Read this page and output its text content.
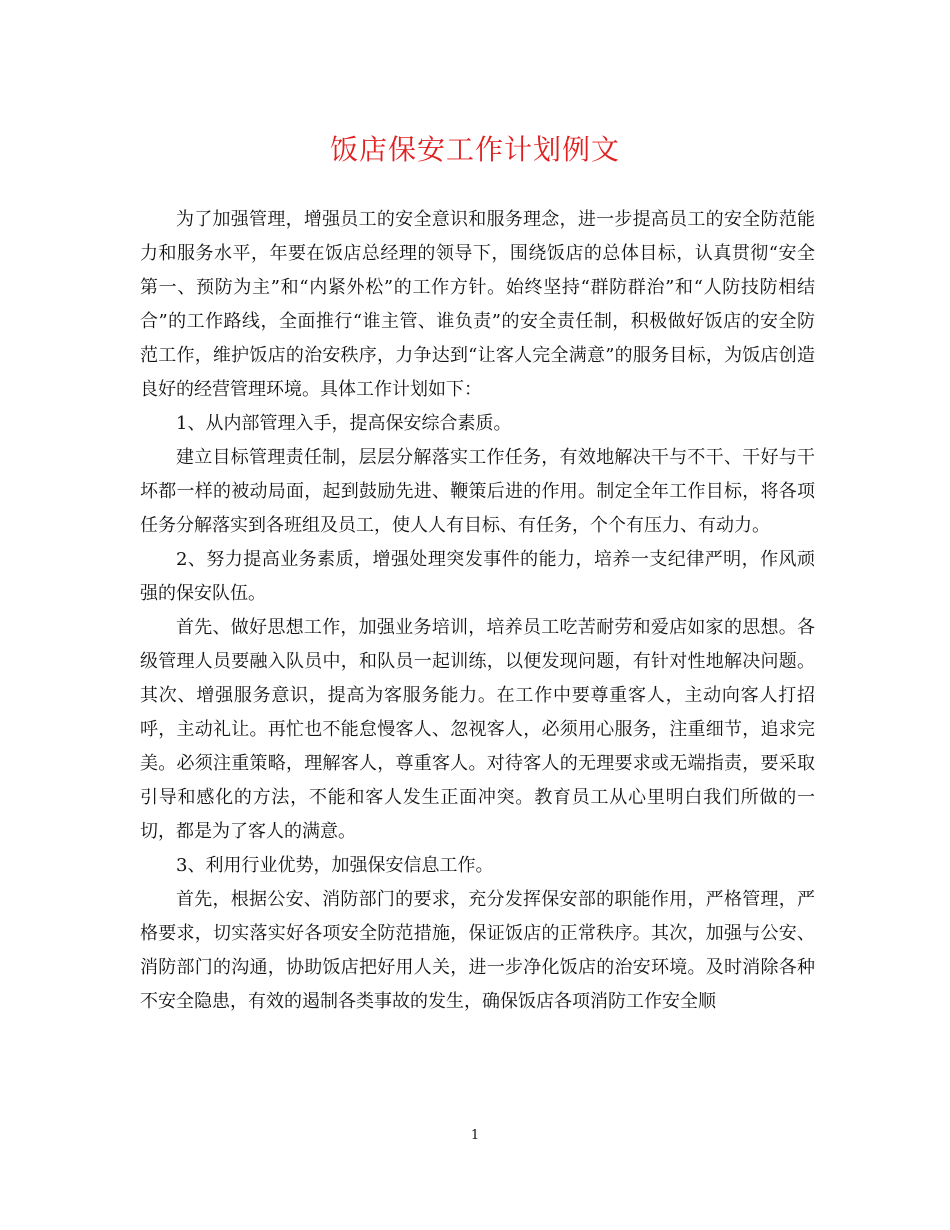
饭店保安工作计划例文

为了加强管理，增强员工的安全意识和服务理念，进一步提高员工的安全防范能力和服务水平，年要在饭店总经理的领导下，围绕饭店的总体目标，认真贯彻“安全第一、预防为主”和“内紧外松”的工作方针。始终坚持“群防群治”和“人防技防相结合”的工作路线，全面推行“谁主管、谁负责”的安全责任制，积极做好饭店的安全防范工作，维护饭店的治安秩序，力争达到“让客人完全满意”的服务目标，为饭店创造良好的经营管理环境。具体工作计划如下：

1、从内部管理入手，提高保安综合素质。

建立目标管理责任制，层层分解落实工作任务，有效地解决干与不干、干好与干坏都一样的被动局面，起到鼓励先进、鞭策后进的作用。制定全年工作目标，将各项任务分解落实到各班组及员工，使人人有目标、有任务，个个有压力、有动力。

2、努力提高业务素质，增强处理突发事件的能力，培养一支纪律严明，作风顽强的保安队伍。

首先、做好思想工作，加强业务培训，培养员工吃苦耐劳和爱店如家的思想。各级管理人员要融入队员中，和队员一起训练，以便发现问题，有针对性地解决问题。其次、增强服务意识，提高为客服务能力。在工作中要尊重客人，主动向客人打招呼，主动礼让。再忙也不能怠慢客人、忽视客人，必须用心服务，注重细节，追求完美。必须注重策略，理解客人，尊重客人。对待客人的无理要求或无端指责，要采取引导和感化的方法，不能和客人发生正面冲突。教育员工从心里明白我们所做的一切，都是为了客人的满意。

3、利用行业优势，加强保安信息工作。

首先，根据公安、消防部门的要求，充分发挥保安部的职能作用，严格管理，严格要求，切实落实好各项安全防范措施，保证饭店的正常秩序。其次，加强与公安、消防部门的沟通，协助饭店把好用人关，进一步净化饭店的治安环境。及时消除各种不安全隐患，有效的遏制各类事故的发生，确保饭店各项消防工作安全顺

1
